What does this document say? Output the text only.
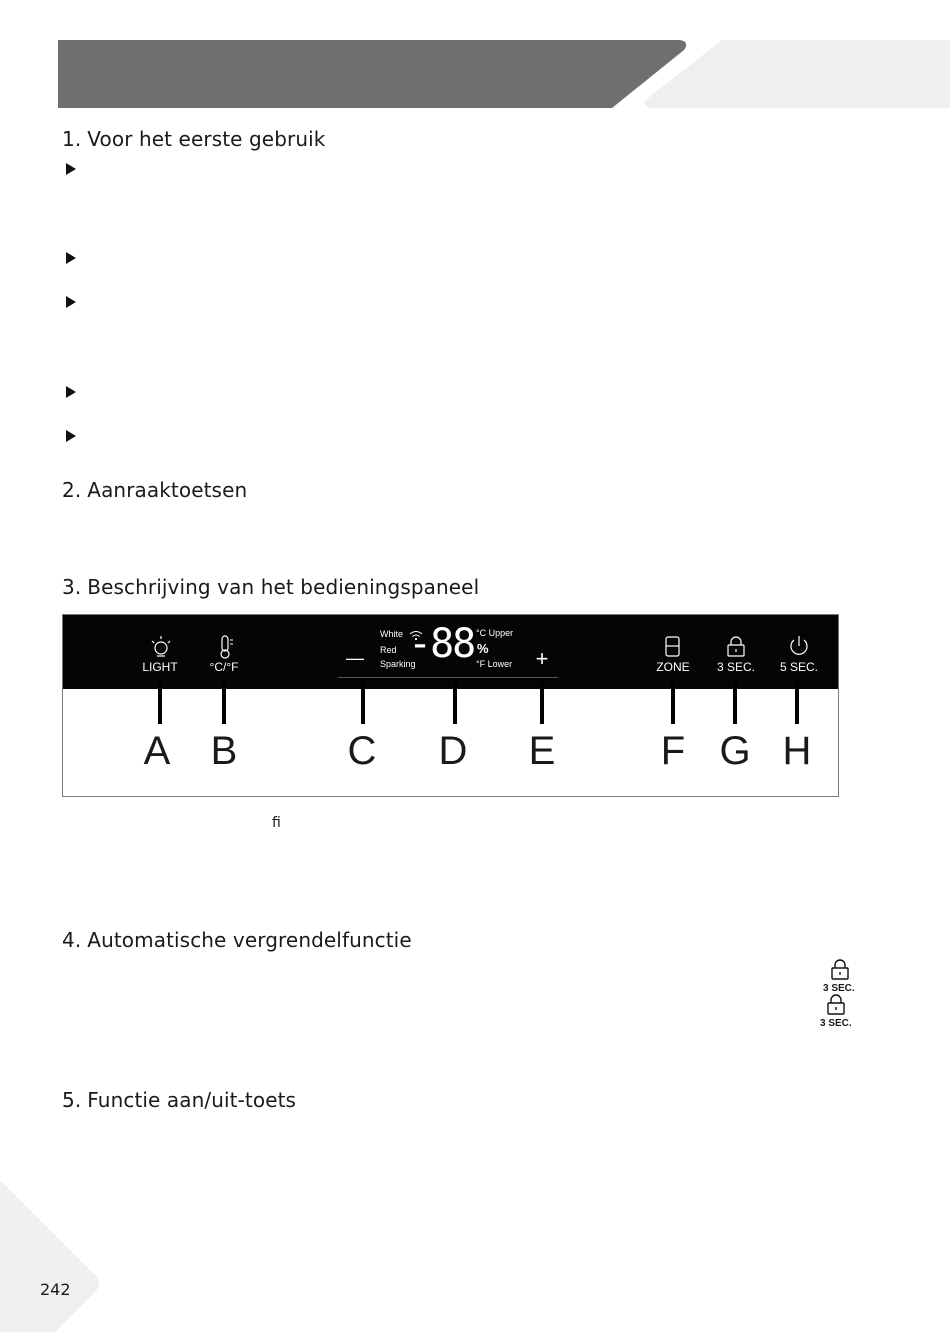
1. Voor het eerste gebruik
2. Aanraaktoetsen
3. Beschrijving van het bedieningspaneel
LIGHT	°C/°F	—
White
Red
Sparking
-88 °C Upper
%
°F Lower +	ZONE 3 SEC. 5 SEC.
A B	C D E	F G H
fi
4. Automatische vergrendelfunctie
3 SEC.
3 SEC.
5. Functie aan/uit-toets
242
